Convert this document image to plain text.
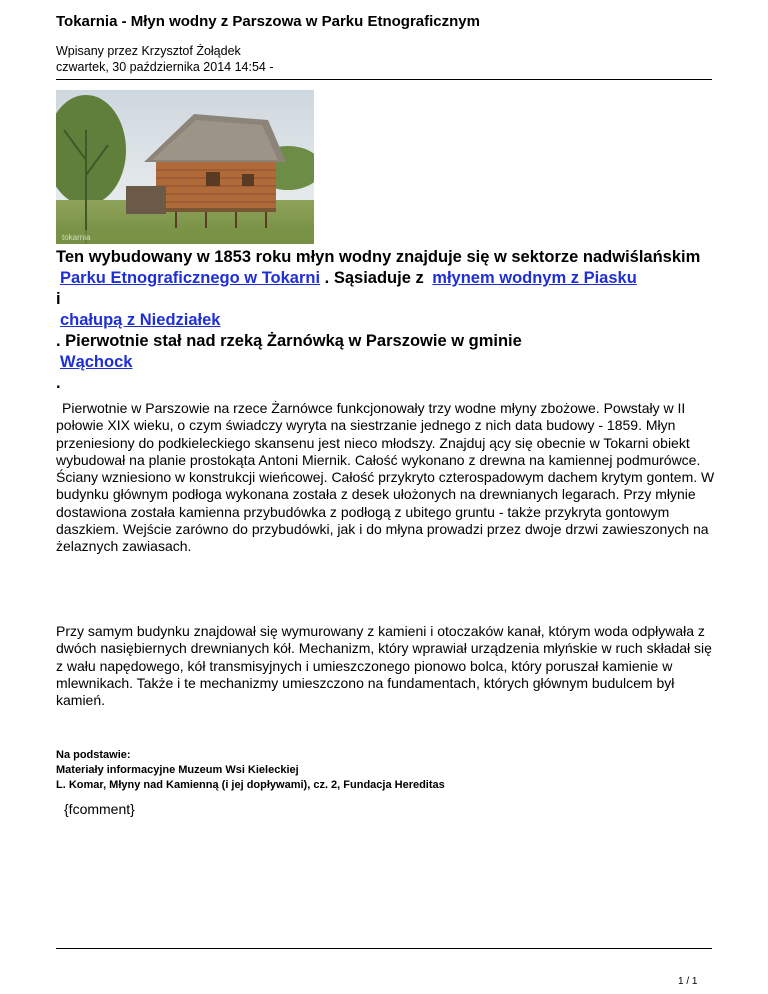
Tokarnia - Młyn wodny z Parszowa w Parku Etnograficznym
Wpisany przez Krzysztof Żołądek
czwartek, 30 października 2014 14:54 -
tokarnia
Ten wybudowany w 1853 roku młyn wodny znajduje się w sektorze nadwiślańskim Parku Etnograficznego w Tokarni . Sąsiaduje z młynem wodnym z Piasku
i
chałupą z Niedziałek
. Pierwotnie stał nad rzeką Żarnówką w Parszowie w gminie
Wąchock
.
Pierwotnie w Parszowie na rzece Żarnówce funkcjonowały trzy wodne młyny zbożowe. Powstały w II połowie XIX wieku, o czym świadczy wyryta na siestrzanie jednego z nich data budowy - 1859. Młyn przeniesiony do podkieleckiego skansenu jest nieco młodszy. Znajduj ący się obecnie w Tokarni obiekt wybudował na planie prostokąta Antoni Miernik. Całość wykonano z drewna na kamiennej podmurówce. Ściany wzniesiono w konstrukcji wieńcowej. Całość przykryto czterospadowym dachem krytym gontem. W budynku głównym podłoga wykonana została z desek ułożonych na drewnianych legarach. Przy młynie dostawiona została kamienna przybudówka z podłogą z ubitego gruntu - także przykryta gontowym daszkiem. Wejście zarówno do przybudówki, jak i do młyna prowadzi przez dwoje drzwi zawieszonych na żelaznych zawiasach.
Przy samym budynku znajdował się wymurowany z kamieni i otoczaków kanał, którym woda odpływała z dwóch nasiębiernych drewnianych kół. Mechanizm, który wprawiał urządzenia młyńskie w ruch składał się z wału napędowego, kół transmisyjnych i umieszczonego pionowo bolca, który poruszał kamienie w mlewnikach. Także i te mechanizmy umieszczono na fundamentach, których głównym budulcem był kamień.
Na podstawie:
Materiały informacyjne Muzeum Wsi Kieleckiej
L. Komar, Młyny nad Kamienną (i jej dopływami), cz. 2, Fundacja Hereditas
{fcomment}
1 / 1
